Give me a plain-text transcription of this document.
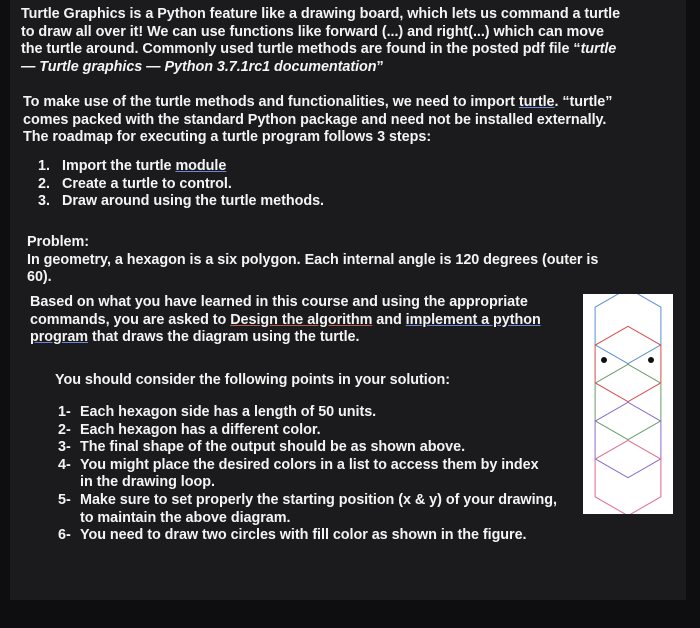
Turtle Graphics is a Python feature like a drawing board, which lets us command a turtle
to draw all over it! We can use functions like forward (...) and right(...) which can move
the turtle around. Commonly used turtle methods are found in the posted pdf file “turtle
— Turtle graphics — Python 3.7.1rc1 documentation”
To make use of the turtle methods and functionalities, we need to import turtle. “turtle”
comes packed with the standard Python package and need not be installed externally.
The roadmap for executing a turtle program follows 3 steps:
1. Import the turtle module
2. Create a turtle to control.
3. Draw around using the turtle methods.
Problem:
In geometry, a hexagon is a six polygon. Each internal angle is 120 degrees (outer is
60).
Based on what you have learned in this course and using the appropriate
commands, you are asked to Design the algorithm and implement a python
program that draws the diagram using the turtle.
You should consider the following points in your solution:
1- Each hexagon side has a length of 50 units.
2- Each hexagon has a different color.
3- The final shape of the output should be as shown above.
4- You might place the desired colors in a list to access them by index
in the drawing loop.
5- Make sure to set properly the starting position (x & y) of your drawing,
to maintain the above diagram.
6- You need to draw two circles with fill color as shown in the figure.
